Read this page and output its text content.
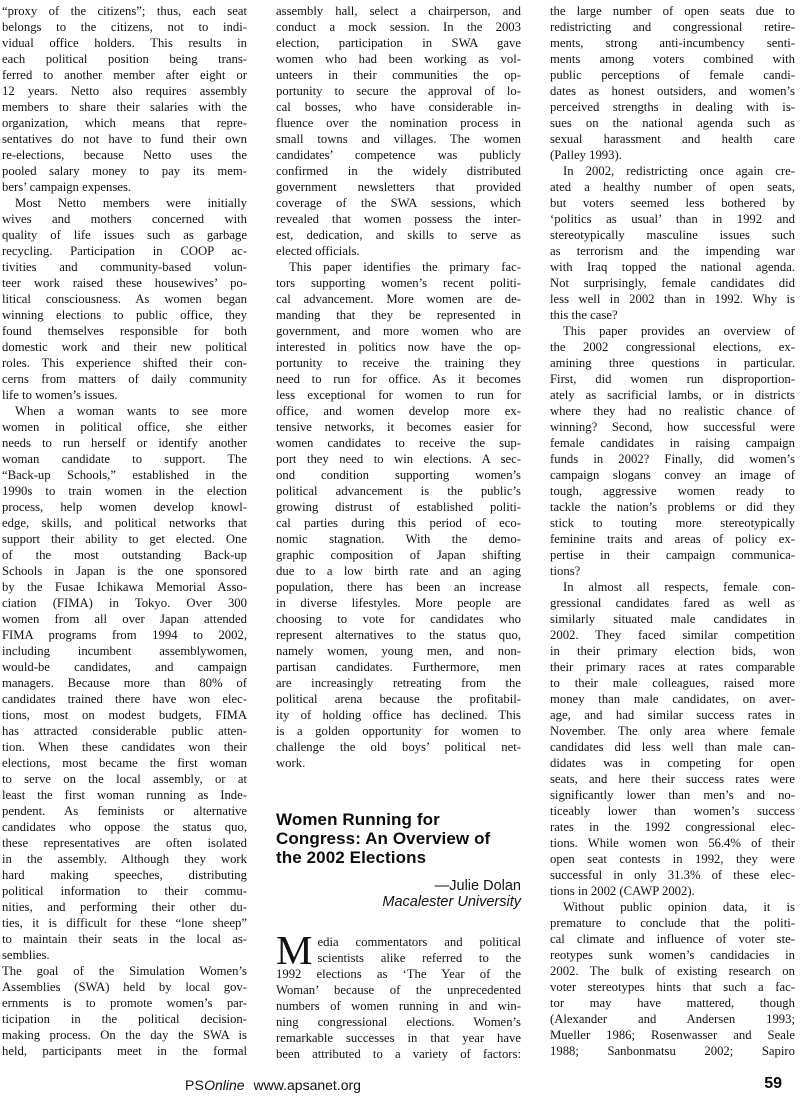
“proxy of the citizens”; thus, each seat
belongs to the citizens, not to indi-
vidual office holders. This results in
each political position being trans-
ferred to another member after eight or
12 years. Netto also requires assembly
members to share their salaries with the
organization, which means that repre-
sentatives do not have to fund their own
re-elections, because Netto uses the
pooled salary money to pay its mem-
bers’ campaign expenses.
Most Netto members were initially
wives and mothers concerned with
quality of life issues such as garbage
recycling. Participation in COOP ac-
tivities and community-based volun-
teer work raised these housewives’ po-
litical consciousness. As women began
winning elections to public office, they
found themselves responsible for both
domestic work and their new political
roles. This experience shifted their con-
cerns from matters of daily community
life to women’s issues.
When a woman wants to see more
women in political office, she either
needs to run herself or identify another
woman candidate to support. The
“Back-up Schools,” established in the
1990s to train women in the election
process, help women develop knowl-
edge, skills, and political networks that
support their ability to get elected. One
of the most outstanding Back-up
Schools in Japan is the one sponsored
by the Fusae Ichikawa Memorial Asso-
ciation (FIMA) in Tokyo. Over 300
women from all over Japan attended
FIMA programs from 1994 to 2002,
including incumbent assemblywomen,
would-be candidates, and campaign
managers. Because more than 80% of
candidates trained there have won elec-
tions, most on modest budgets, FIMA
has attracted considerable public atten-
tion. When these candidates won their
elections, most became the first woman
to serve on the local assembly, or at
least the first woman running as Inde-
pendent. As feminists or alternative
candidates who oppose the status quo,
these representatives are often isolated
in the assembly. Although they work
hard making speeches, distributing
political information to their commu-
nities, and performing their other du-
ties, it is difficult for these “lone sheep”
to maintain their seats in the local as-
semblies.
The goal of the Simulation Women’s
Assemblies (SWA) held by local gov-
ernments is to promote women’s par-
ticipation in the political decision-
making process. On the day the SWA is
held, participants meet in the formal
assembly hall, select a chairperson, and
conduct a mock session. In the 2003
election, participation in SWA gave
women who had been working as vol-
unteers in their communities the op-
portunity to secure the approval of lo-
cal bosses, who have considerable in-
fluence over the nomination process in
small towns and villages. The women
candidates’ competence was publicly
confirmed in the widely distributed
government newsletters that provided
coverage of the SWA sessions, which
revealed that women possess the inter-
est, dedication, and skills to serve as
elected officials.
This paper identifies the primary fac-
tors supporting women’s recent politi-
cal advancement. More women are de-
manding that they be represented in
government, and more women who are
interested in politics now have the op-
portunity to receive the training they
need to run for office. As it becomes
less exceptional for women to run for
office, and women develop more ex-
tensive networks, it becomes easier for
women candidates to receive the sup-
port they need to win elections. A sec-
ond condition supporting women’s
political advancement is the public’s
growing distrust of established politi-
cal parties during this period of eco-
nomic stagnation. With the demo-
graphic composition of Japan shifting
due to a low birth rate and an aging
population, there has been an increase
in diverse lifestyles. More people are
choosing to vote for candidates who
represent alternatives to the status quo,
namely women, young men, and non-
partisan candidates. Furthermore, men
are increasingly retreating from the
political arena because the profitabil-
ity of holding office has declined. This
is a golden opportunity for women to
challenge the old boys’ political net-
work.
Women Running for
Congress: An Overview of
the 2002 Elections
—Julie Dolan
Macalester University
M edia commentators and political
scientists alike referred to the
1992 elections as ‘The Year of the
Woman’ because of the unprecedented
numbers of women running in and win-
ning congressional elections. Women’s
remarkable successes in that year have
been attributed to a variety of factors:
the large number of open seats due to
redistricting and congressional retire-
ments, strong anti-incumbency senti-
ments among voters combined with
public perceptions of female candi-
dates as honest outsiders, and women’s
perceived strengths in dealing with is-
sues on the national agenda such as
sexual harassment and health care
(Palley 1993).
In 2002, redistricting once again cre-
ated a healthy number of open seats,
but voters seemed less bothered by
‘politics as usual’ than in 1992 and
stereotypically masculine issues such
as terrorism and the impending war
with Iraq topped the national agenda.
Not surprisingly, female candidates did
less well in 2002 than in 1992. Why is
this the case?
This paper provides an overview of
the 2002 congressional elections, ex-
amining three questions in particular.
First, did women run disproportion-
ately as sacrificial lambs, or in districts
where they had no realistic chance of
winning? Second, how successful were
female candidates in raising campaign
funds in 2002? Finally, did women’s
campaign slogans convey an image of
tough, aggressive women ready to
tackle the nation’s problems or did they
stick to touting more stereotypically
feminine traits and areas of policy ex-
pertise in their campaign communica-
tions?
In almost all respects, female con-
gressional candidates fared as well as
similarly situated male candidates in
2002. They faced similar competition
in their primary election bids, won
their primary races at rates comparable
to their male colleagues, raised more
money than male candidates, on aver-
age, and had similar success rates in
November. The only area where female
candidates did less well than male can-
didates was in competing for open
seats, and here their success rates were
significantly lower than men’s and no-
ticeably lower than women’s success
rates in the 1992 congressional elec-
tions. While women won 56.4% of their
open seat contests in 1992, they were
successful in only 31.3% of these elec-
tions in 2002 (CAWP 2002).
Without public opinion data, it is
premature to conclude that the politi-
cal climate and influence of voter ste-
reotypes sunk women’s candidacies in
2002. The bulk of existing research on
voter stereotypes hints that such a fac-
tor may have mattered, though
(Alexander and Andersen 1993;
Mueller 1986; Rosenwasser and Seale
1988; Sanbonmatsu 2002; Sapiro
PSOnline www.apsanet.org	59
